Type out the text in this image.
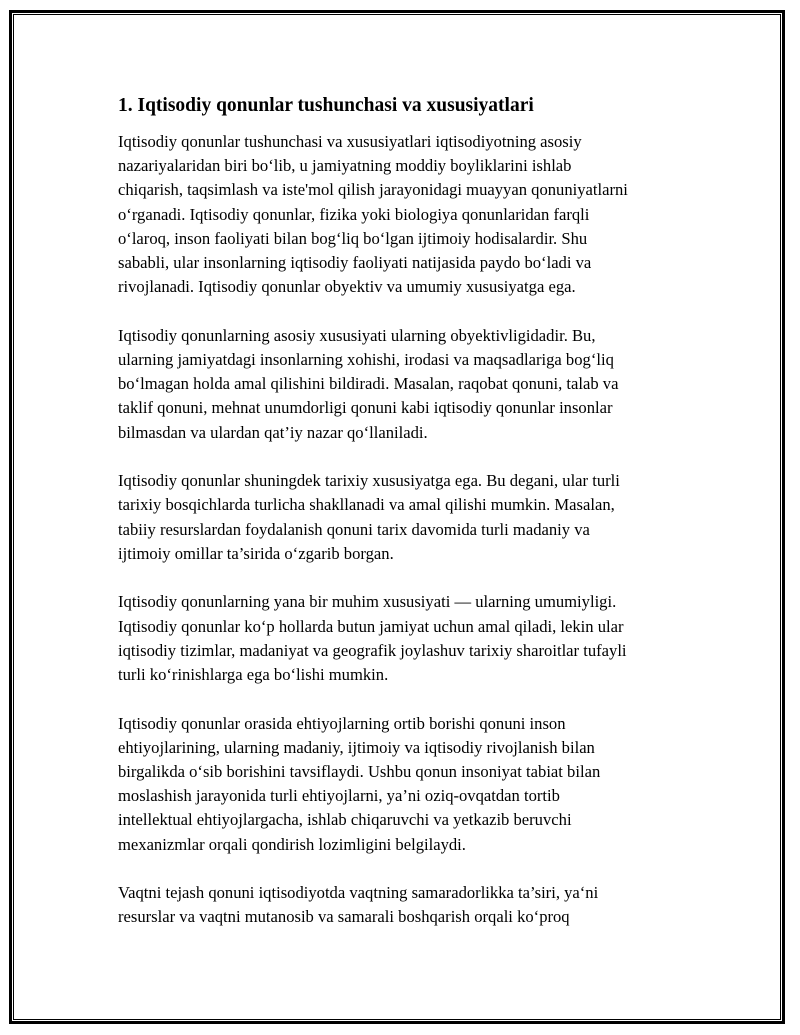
1. Iqtisodiy qonunlar tushunchasi va xususiyatlari

Iqtisodiy qonunlar tushunchasi va xususiyatlari iqtisodiyotning asosiy
nazariyalaridan biri bo‘lib, u jamiyatning moddiy boyliklarini ishlab
chiqarish, taqsimlash va iste'mol qilish jarayonidagi muayyan qonuniyatlarni
o‘rganadi. Iqtisodiy qonunlar, fizika yoki biologiya qonunlaridan farqli
o‘laroq, inson faoliyati bilan bog‘liq bo‘lgan ijtimoiy hodisalardir. Shu
sababli, ular insonlarning iqtisodiy faoliyati natijasida paydo bo‘ladi va
rivojlanadi. Iqtisodiy qonunlar obyektiv va umumiy xususiyatga ega.

Iqtisodiy qonunlarning asosiy xususiyati ularning obyektivligidadir. Bu,
ularning jamiyatdagi insonlarning xohishi, irodasi va maqsadlariga bog‘liq
bo‘lmagan holda amal qilishini bildiradi. Masalan, raqobat qonuni, talab va
taklif qonuni, mehnat unumdorligi qonuni kabi iqtisodiy qonunlar insonlar
bilmasdan va ulardan qat’iy nazar qo‘llaniladi.

Iqtisodiy qonunlar shuningdek tarixiy xususiyatga ega. Bu degani, ular turli
tarixiy bosqichlarda turlicha shakllanadi va amal qilishi mumkin. Masalan,
tabiiy resurslardan foydalanish qonuni tarix davomida turli madaniy va
ijtimoiy omillar ta’sirida o‘zgarib borgan.

Iqtisodiy qonunlarning yana bir muhim xususiyati — ularning umumiyligi.
Iqtisodiy qonunlar ko‘p hollarda butun jamiyat uchun amal qiladi, lekin ular
iqtisodiy tizimlar, madaniyat va geografik joylashuv tarixiy sharoitlar tufayli
turli ko‘rinishlarga ega bo‘lishi mumkin.

Iqtisodiy qonunlar orasida ehtiyojlarning ortib borishi qonuni inson
ehtiyojlarining, ularning madaniy, ijtimoiy va iqtisodiy rivojlanish bilan
birgalikda o‘sib borishini tavsiflaydi. Ushbu qonun insoniyat tabiat bilan
moslashish jarayonida turli ehtiyojlarni, ya’ni oziq-ovqatdan tortib
intellektual ehtiyojlargacha, ishlab chiqaruvchi va yetkazib beruvchi
mexanizmlar orqali qondirish lozimligini belgilaydi.

Vaqtni tejash qonuni iqtisodiyotda vaqtning samaradorlikka ta’siri, ya‘ni
resurslar va vaqtni mutanosib va samarali boshqarish orqali ko‘proq
